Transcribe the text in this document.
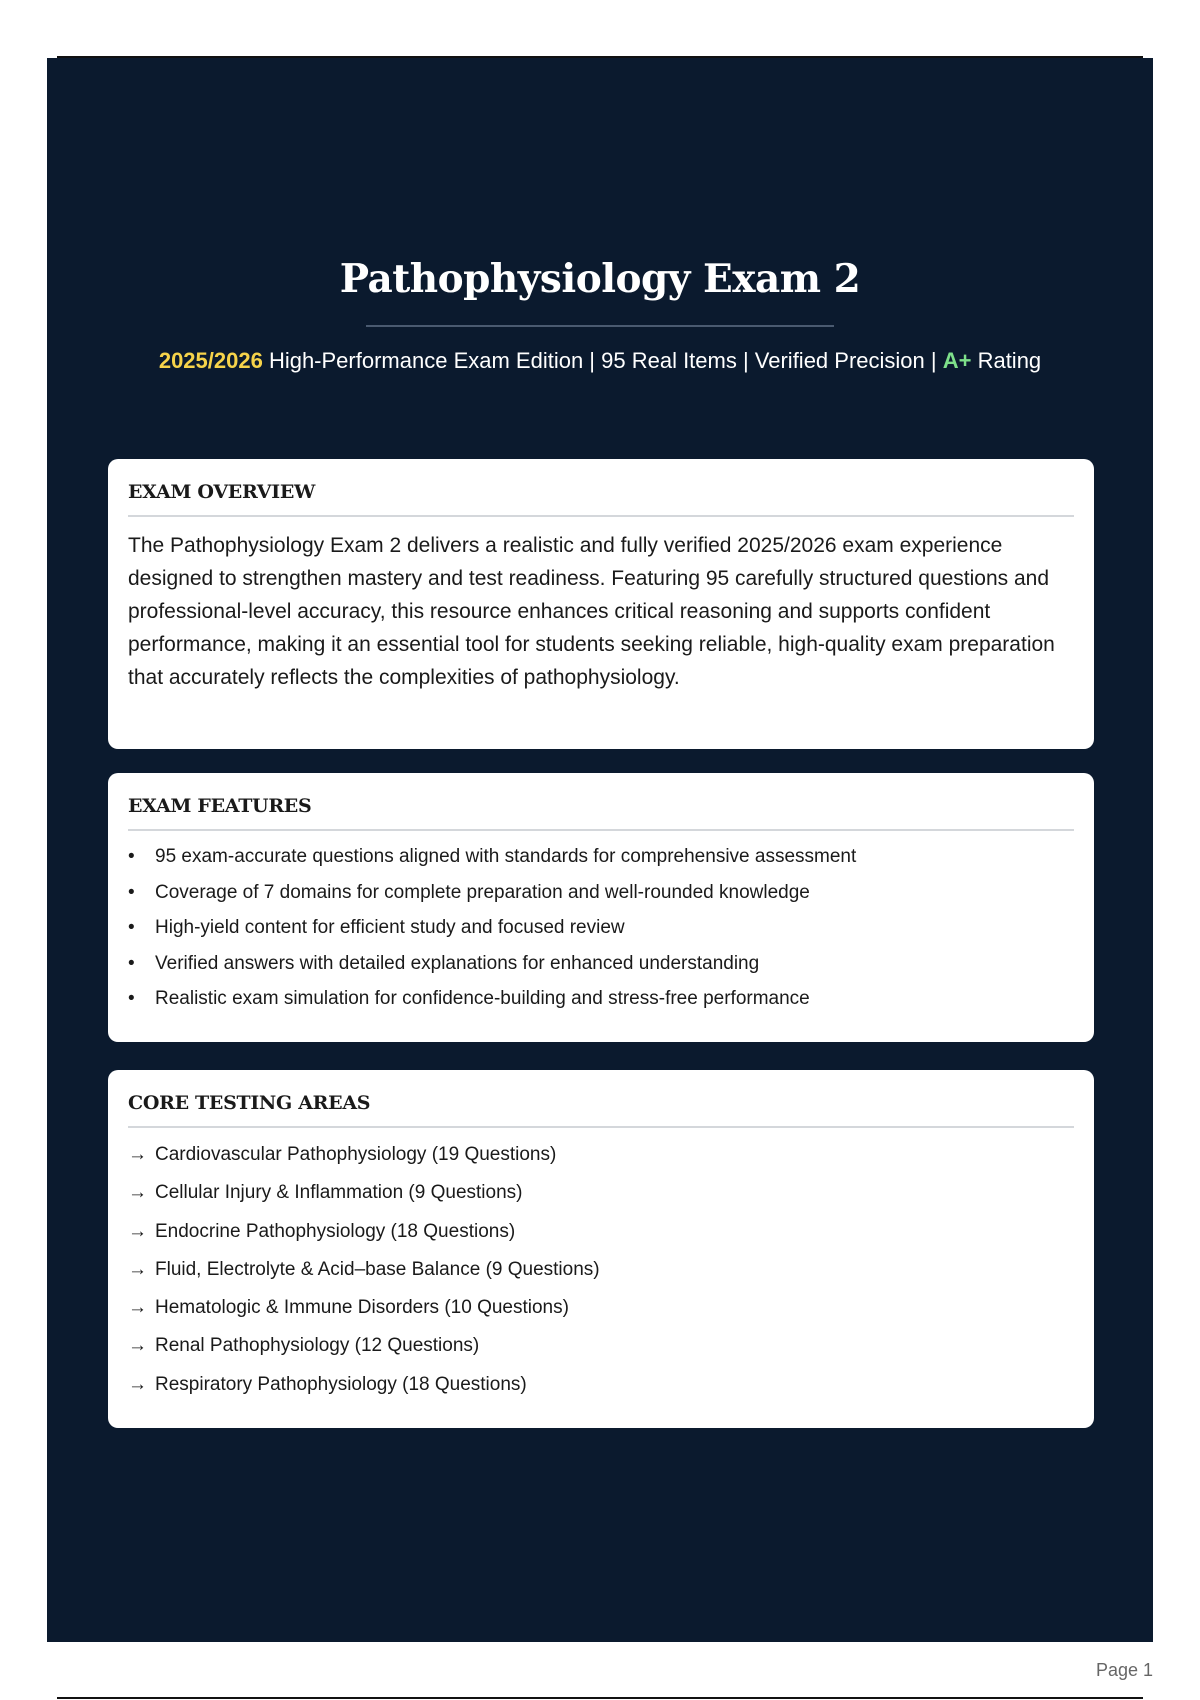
Pathophysiology Exam 2
2025/2026 High-Performance Exam Edition | 95 Real Items | Verified Precision | A+ Rating
EXAM OVERVIEW

The Pathophysiology Exam 2 delivers a realistic and fully verified 2025/2026 exam experience designed to strengthen mastery and test readiness. Featuring 95 carefully structured questions and professional-level accuracy, this resource enhances critical reasoning and supports confident performance, making it an essential tool for students seeking reliable, high-quality exam preparation that accurately reflects the complexities of pathophysiology.

EXAM FEATURES
• 95 exam-accurate questions aligned with standards for comprehensive assessment
• Coverage of 7 domains for complete preparation and well-rounded knowledge
• High-yield content for efficient study and focused review
• Verified answers with detailed explanations for enhanced understanding
• Realistic exam simulation for confidence-building and stress-free performance
CORE TESTING AREAS
→ Cardiovascular Pathophysiology (19 Questions)
→ Cellular Injury & Inflammation (9 Questions)
→ Endocrine Pathophysiology (18 Questions)
→ Fluid, Electrolyte & Acid–base Balance (9 Questions)
→ Hematologic & Immune Disorders (10 Questions)
→ Renal Pathophysiology (12 Questions)
→ Respiratory Pathophysiology (18 Questions)
Page 1
